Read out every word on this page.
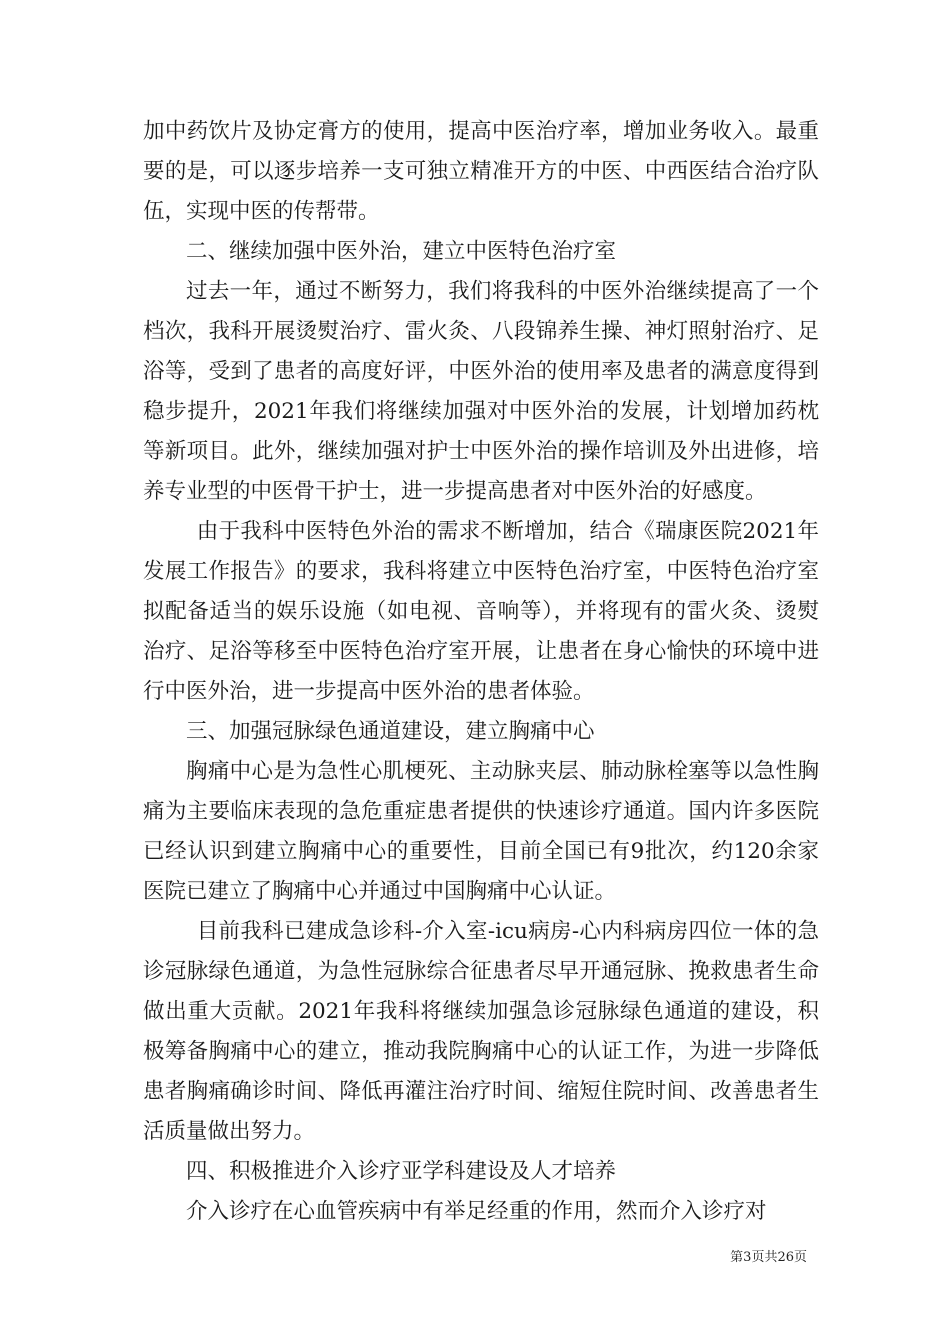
加中药饮片及协定膏方的使用，提高中医治疗率，增加业务收入。最重要的是，可以逐步培养一支可独立精准开方的中医、中西医结合治疗队伍，实现中医的传帮带。

二、继续加强中医外治，建立中医特色治疗室

过去一年，通过不断努力，我们将我科的中医外治继续提高了一个档次，我科开展烫熨治疗、雷火灸、八段锦养生操、神灯照射治疗、足浴等，受到了患者的高度好评，中医外治的使用率及患者的满意度得到稳步提升，2021年我们将继续加强对中医外治的发展，计划增加药枕等新项目。此外，继续加强对护士中医外治的操作培训及外出进修，培养专业型的中医骨干护士，进一步提高患者对中医外治的好感度。

由于我科中医特色外治的需求不断增加，结合《瑞康医院2021年发展工作报告》的要求，我科将建立中医特色治疗室，中医特色治疗室拟配备适当的娱乐设施（如电视、音响等），并将现有的雷火灸、烫熨治疗、足浴等移至中医特色治疗室开展，让患者在身心愉快的环境中进行中医外治，进一步提高中医外治的患者体验。

三、加强冠脉绿色通道建设，建立胸痛中心

胸痛中心是为急性心肌梗死、主动脉夹层、肺动脉栓塞等以急性胸痛为主要临床表现的急危重症患者提供的快速诊疗通道。国内许多医院已经认识到建立胸痛中心的重要性，目前全国已有9批次，约120余家医院已建立了胸痛中心并通过中国胸痛中心认证。

目前我科已建成急诊科-介入室-icu病房-心内科病房四位一体的急诊冠脉绿色通道，为急性冠脉综合征患者尽早开通冠脉、挽救患者生命做出重大贡献。2021年我科将继续加强急诊冠脉绿色通道的建设，积极筹备胸痛中心的建立，推动我院胸痛中心的认证工作，为进一步降低患者胸痛确诊时间、降低再灌注治疗时间、缩短住院时间、改善患者生活质量做出努力。

四、积极推进介入诊疗亚学科建设及人才培养

介入诊疗在心血管疾病中有举足经重的作用，然而介入诊疗对

第3页共26页
